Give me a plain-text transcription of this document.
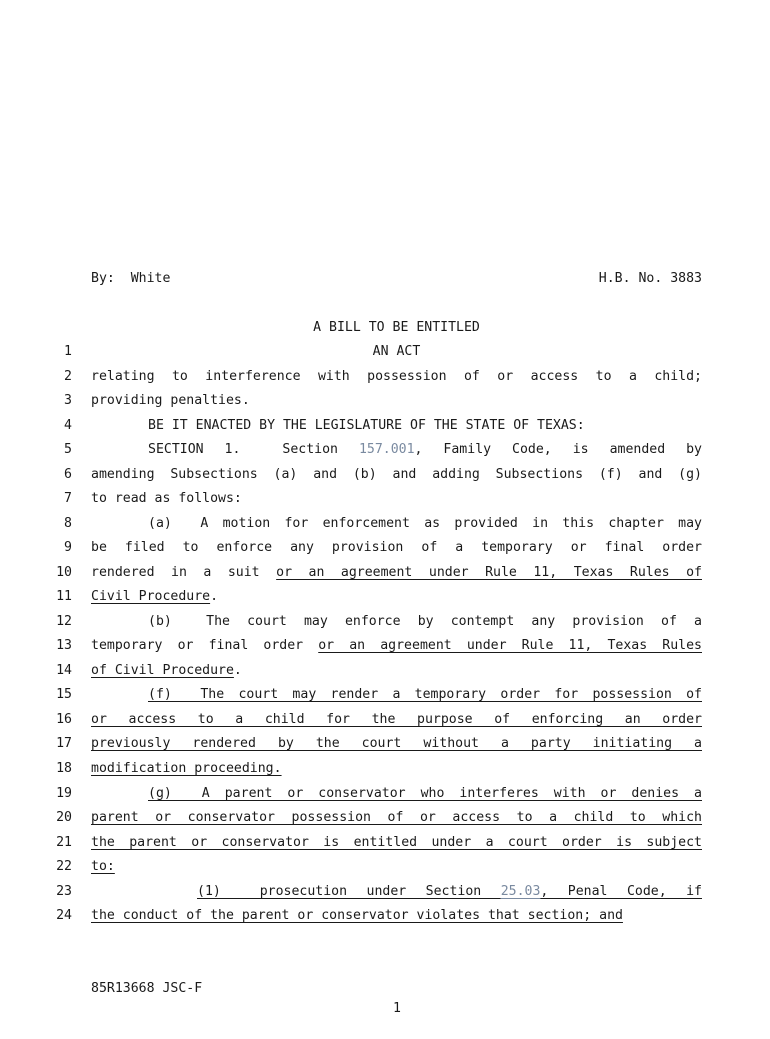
By:  White	H.B. No. 3883
A BILL TO BE ENTITLED
1
2
3
4
5
6
7
8
9
10
11
12
13
14
15
16
17
18
19
20
21
22
23
24
AN ACT
relating to interference with possession of or access to a child;
providing penalties.
BE IT ENACTED BY THE LEGISLATURE OF THE STATE OF TEXAS:
SECTION 1.  Section 157.001, Family Code, is amended by
amending Subsections (a) and (b) and adding Subsections (f) and (g)
to read as follows:
(a)  A motion for enforcement as provided in this chapter may
be filed to enforce any provision of a temporary or final order
rendered in a suit or an agreement under Rule 11, Texas Rules of
Civil Procedure.
(b)  The court may enforce by contempt any provision of a
temporary or final order or an agreement under Rule 11, Texas Rules
of Civil Procedure.
(f)  The court may render a temporary order for possession of
or access to a child for the purpose of enforcing an order
previously rendered by the court without a party initiating a
modification proceeding.
(g)  A parent or conservator who interferes with or denies a
parent or conservator possession of or access to a child to which
the parent or conservator is entitled under a court order is subject
to:
(1)  prosecution under Section 25.03, Penal Code, if
the conduct of the parent or conservator violates that section; and

85R13668 JSC-F

1
